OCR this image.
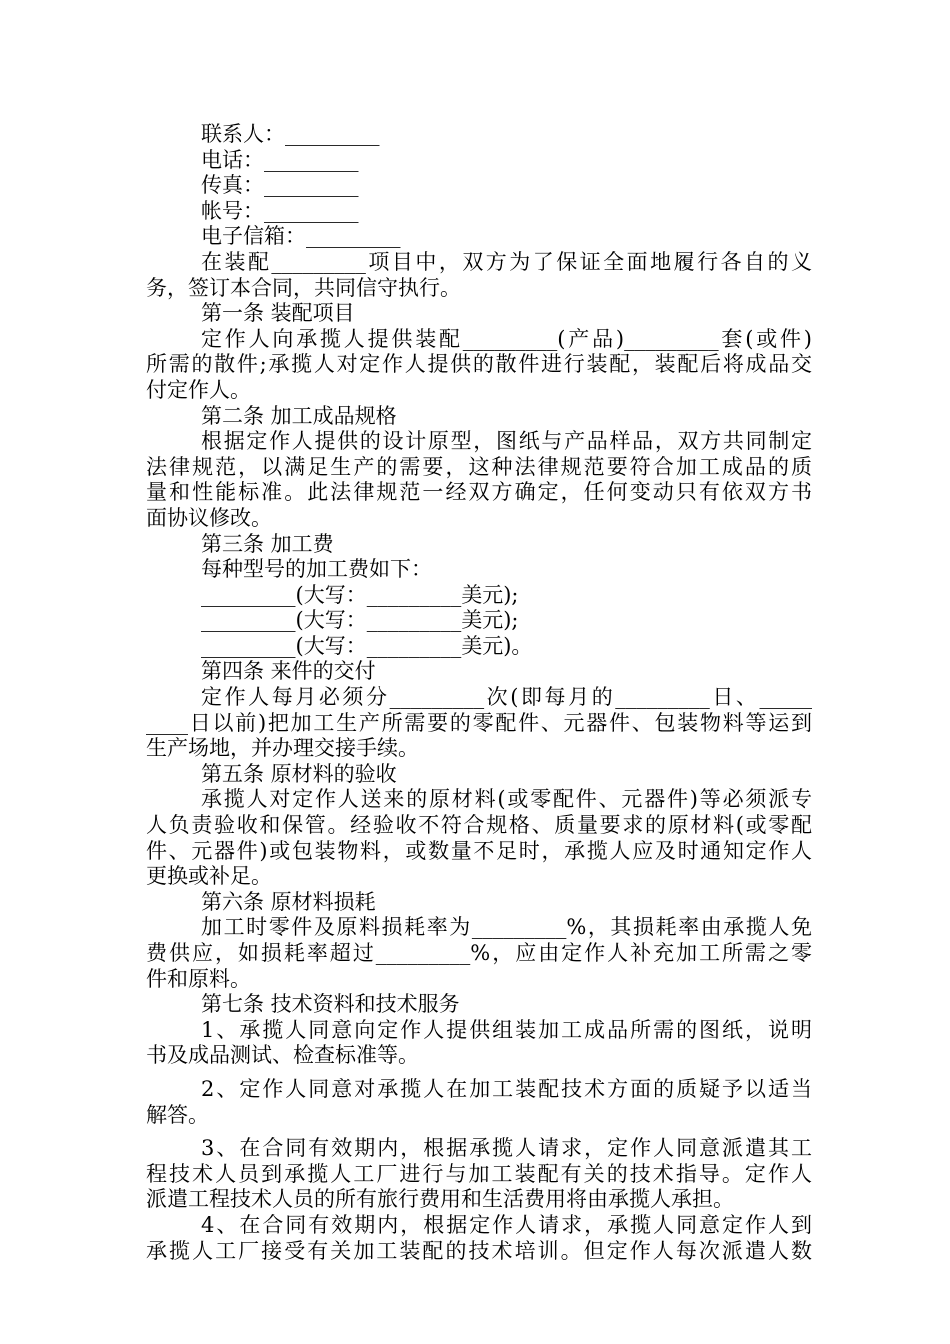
联系人：_________
电话：_________
传真：_________
帐号：_________
电子信箱：_________
在装配_________项目中，双方为了保证全面地履行各自的义
务，签订本合同，共同信守执行。
第一条 装配项目
定作人向承揽人提供装配_________(产品)_________套(或件)
所需的散件;承揽人对定作人提供的散件进行装配，装配后将成品交
付定作人。
第二条 加工成品规格
根据定作人提供的设计原型，图纸与产品样品，双方共同制定
法律规范，以满足生产的需要，这种法律规范要符合加工成品的质
量和性能标准。此法律规范一经双方确定，任何变动只有依双方书
面协议修改。
第三条 加工费
每种型号的加工费如下：
_________(大写：_________美元);
_________(大写：_________美元);
_________(大写：_________美元)。
第四条 来件的交付
定作人每月必须分_________次(即每月的_________日、_____
____日以前)把加工生产所需要的零配件、元器件、包装物料等运到
生产场地，并办理交接手续。
第五条 原材料的验收
承揽人对定作人送来的原材料(或零配件、元器件)等必须派专
人负责验收和保管。经验收不符合规格、质量要求的原材料(或零配
件、元器件)或包装物料，或数量不足时，承揽人应及时通知定作人
更换或补足。
第六条 原材料损耗
加工时零件及原料损耗率为_________%，其损耗率由承揽人免
费供应，如损耗率超过_________%，应由定作人补充加工所需之零
件和原料。
第七条 技术资料和技术服务
1、承揽人同意向定作人提供组装加工成品所需的图纸，说明
书及成品测试、检查标准等。
2、定作人同意对承揽人在加工装配技术方面的质疑予以适当
解答。
3、在合同有效期内，根据承揽人请求，定作人同意派遣其工
程技术人员到承揽人工厂进行与加工装配有关的技术指导。定作人
派遣工程技术人员的所有旅行费用和生活费用将由承揽人承担。
4、在合同有效期内，根据定作人请求，承揽人同意定作人到
承揽人工厂接受有关加工装配的技术培训。但定作人每次派遣人数
